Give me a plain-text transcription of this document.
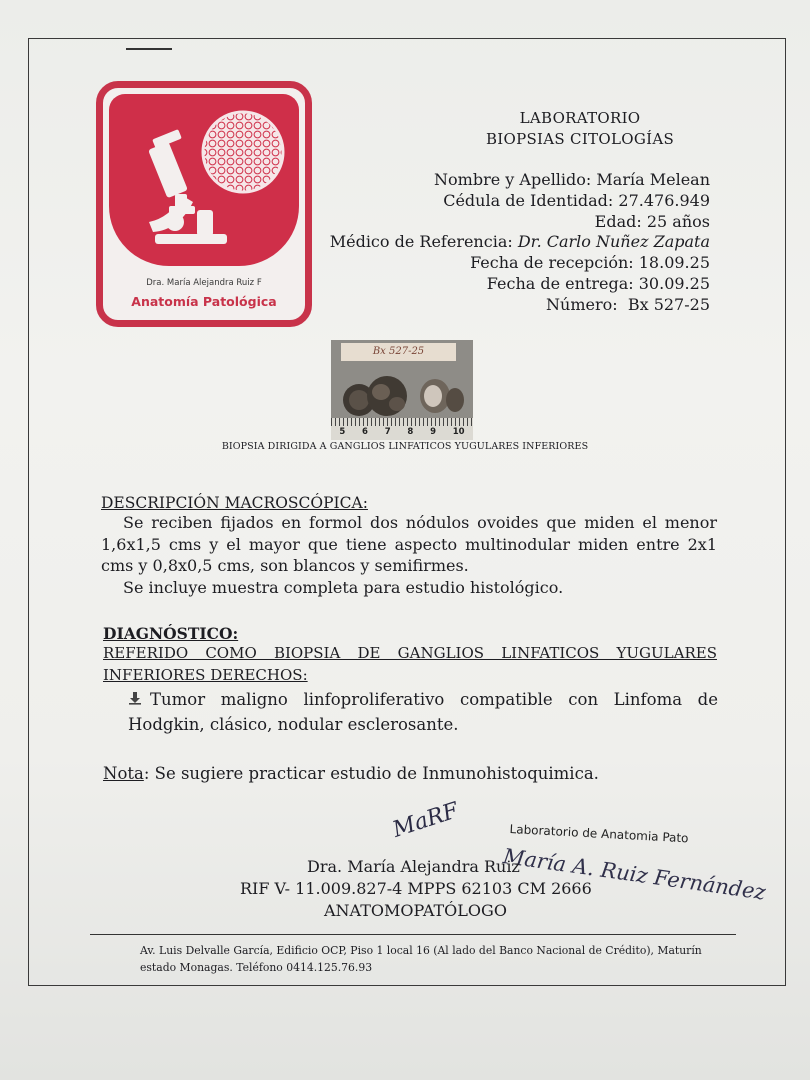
Dra. María Alejandra Ruiz F
Anatomía Patológica
LABORATORIO
BIOPSIAS CITOLOGÍAS
Nombre y Apellido: María Melean
Cédula de Identidad: 27.476.949
Edad: 25 años
Médico de Referencia: Dr. Carlo Nuñez Zapata
Fecha de recepción: 18.09.25
Fecha de entrega: 30.09.25
Número: Bx 527-25
Bx 527-25
5 6 7 8 9 10
BIOPSIA DIRIGIDA A GANGLIOS LINFATICOS YUGULARES INFERIORES
DESCRIPCIÓN MACROSCÓPICA:
Se reciben fijados en formol dos nódulos ovoides que miden el menor 1,6x1,5 cms y el mayor que tiene aspecto multinodular miden entre 2x1 cms y 0,8x0,5 cms, son blancos y semifirmes.
Se incluye muestra completa para estudio histológico.
DIAGNÓSTICO:
REFERIDO COMO BIOPSIA DE GANGLIOS LINFATICOS YUGULARES
INFERIORES DERECHOS:
Tumor maligno linfoproliferativo compatible con Linfoma de Hodgkin, clásico, nodular esclerosante.
Nota: Se sugiere practicar estudio de Inmunohistoquimica.
MaRF	Laboratorio de Anatomia Pato
María A. Ruiz Fernández
Dra. María Alejandra Ruiz
RIF V- 11.009.827-4 MPPS 62103 CM 2666
ANATOMOPATÓLOGO
Av. Luis Delvalle García, Edificio OCP, Piso 1 local 16 (Al lado del Banco Nacional de Crédito), Maturín estado Monagas. Teléfono 0414.125.76.93
